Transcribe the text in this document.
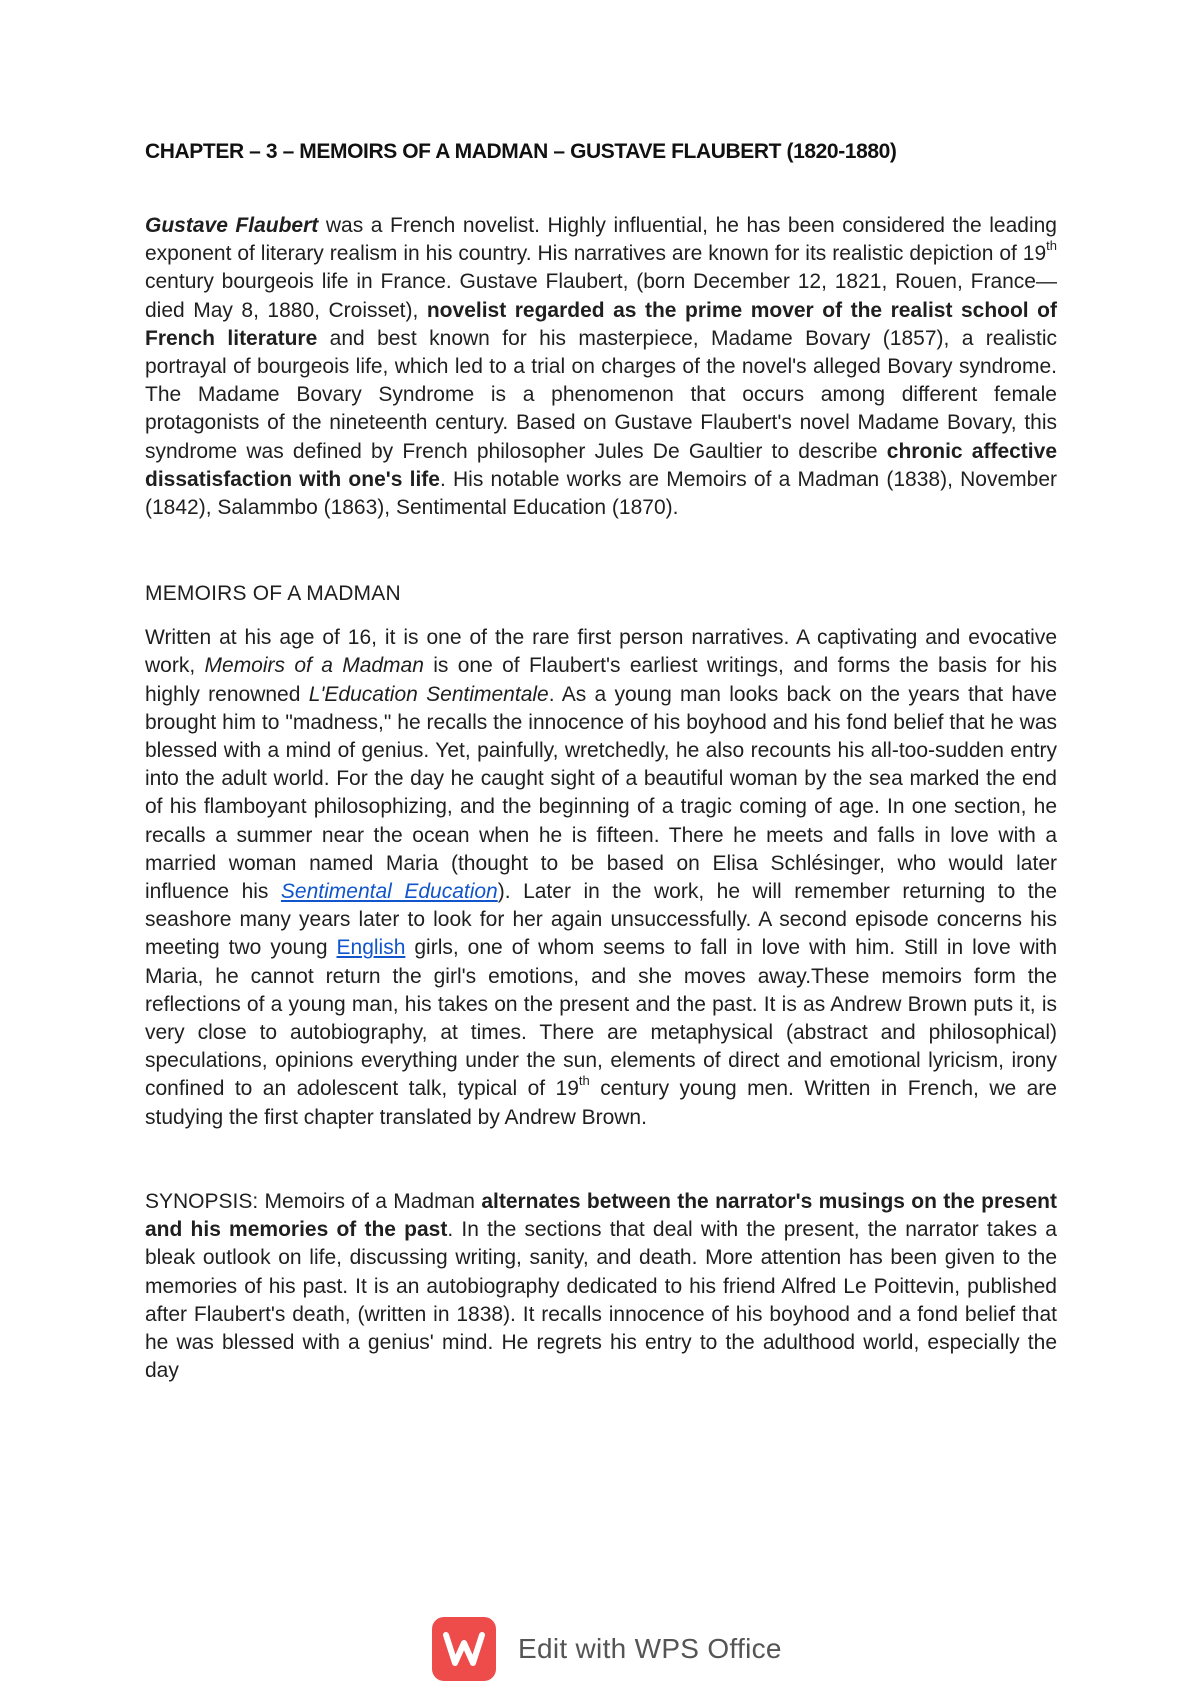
CHAPTER – 3 – MEMOIRS OF A MADMAN – GUSTAVE FLAUBERT (1820-1880)

Gustave Flaubert was a French novelist. Highly influential, he has been considered the leading exponent of literary realism in his country. His narratives are known for its realistic depiction of 19th century bourgeois life in France. Gustave Flaubert, (born December 12, 1821, Rouen, France—died May 8, 1880, Croisset), novelist regarded as the prime mover of the realist school of French literature and best known for his masterpiece, Madame Bovary (1857), a realistic portrayal of bourgeois life, which led to a trial on charges of the novel's alleged Bovary syndrome. The Madame Bovary Syndrome is a phenomenon that occurs among different female protagonists of the nineteenth century. Based on Gustave Flaubert's novel Madame Bovary, this syndrome was defined by French philosopher Jules De Gaultier to describe chronic affective dissatisfaction with one's life. His notable works are Memoirs of a Madman (1838), November (1842), Salammbo (1863), Sentimental Education (1870).

MEMOIRS OF A MADMAN

Written at his age of 16, it is one of the rare first person narratives. A captivating and evocative work, Memoirs of a Madman is one of Flaubert's earliest writings, and forms the basis for his highly renowned L'Education Sentimentale. As a young man looks back on the years that have brought him to "madness," he recalls the innocence of his boyhood and his fond belief that he was blessed with a mind of genius. Yet, painfully, wretchedly, he also recounts his all-too-sudden entry into the adult world. For the day he caught sight of a beautiful woman by the sea marked the end of his flamboyant philosophizing, and the beginning of a tragic coming of age. In one section, he recalls a summer near the ocean when he is fifteen. There he meets and falls in love with a married woman named Maria (thought to be based on Elisa Schlésinger, who would later influence his Sentimental Education). Later in the work, he will remember returning to the seashore many years later to look for her again unsuccessfully. A second episode concerns his meeting two young English girls, one of whom seems to fall in love with him. Still in love with Maria, he cannot return the girl's emotions, and she moves away.These memoirs form the reflections of a young man, his takes on the present and the past. It is as Andrew Brown puts it, is very close to autobiography, at times. There are metaphysical (abstract and philosophical) speculations, opinions everything under the sun, elements of direct and emotional lyricism, irony confined to an adolescent talk, typical of 19th century young men. Written in French, we are studying the first chapter translated by Andrew Brown.

SYNOPSIS: Memoirs of a Madman alternates between the narrator's musings on the present and his memories of the past. In the sections that deal with the present, the narrator takes a bleak outlook on life, discussing writing, sanity, and death. More attention has been given to the memories of his past. It is an autobiography dedicated to his friend Alfred Le Poittevin, published after Flaubert's death, (written in 1838). It recalls innocence of his boyhood and a fond belief that he was blessed with a genius' mind. He regrets his entry to the adulthood world, especially the day

Edit with WPS Office
